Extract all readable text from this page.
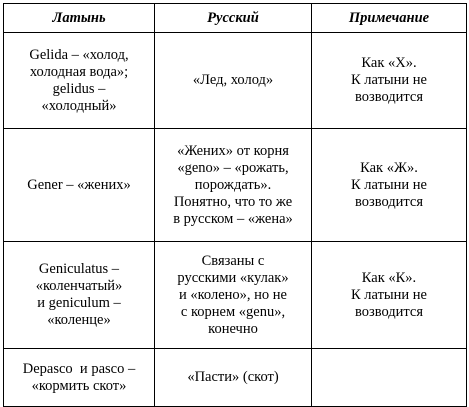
Латынь	Русский	Примечание

Gelida – «холод,
холодная вода»;
gelidus –
«холодный»	«Лед, холод»	Как «Х».
К латыни не
возводится

Gener – «жених»	«Жених» от корня
«geno» – «рожать,
порождать».
Понятно, что то же
в русском – «жена»	Как «Ж».
К латыни не
возводится

Geniculatus –
«коленчатый»
и geniculum –
«коленце»	Связаны с
русскими «кулак»
и «колено», но не
с корнем «genu»,
конечно	Как «К».
К латыни не
возводится

Depasco  и pasco –
«кормить скот»	«Пасти» (скот)	
